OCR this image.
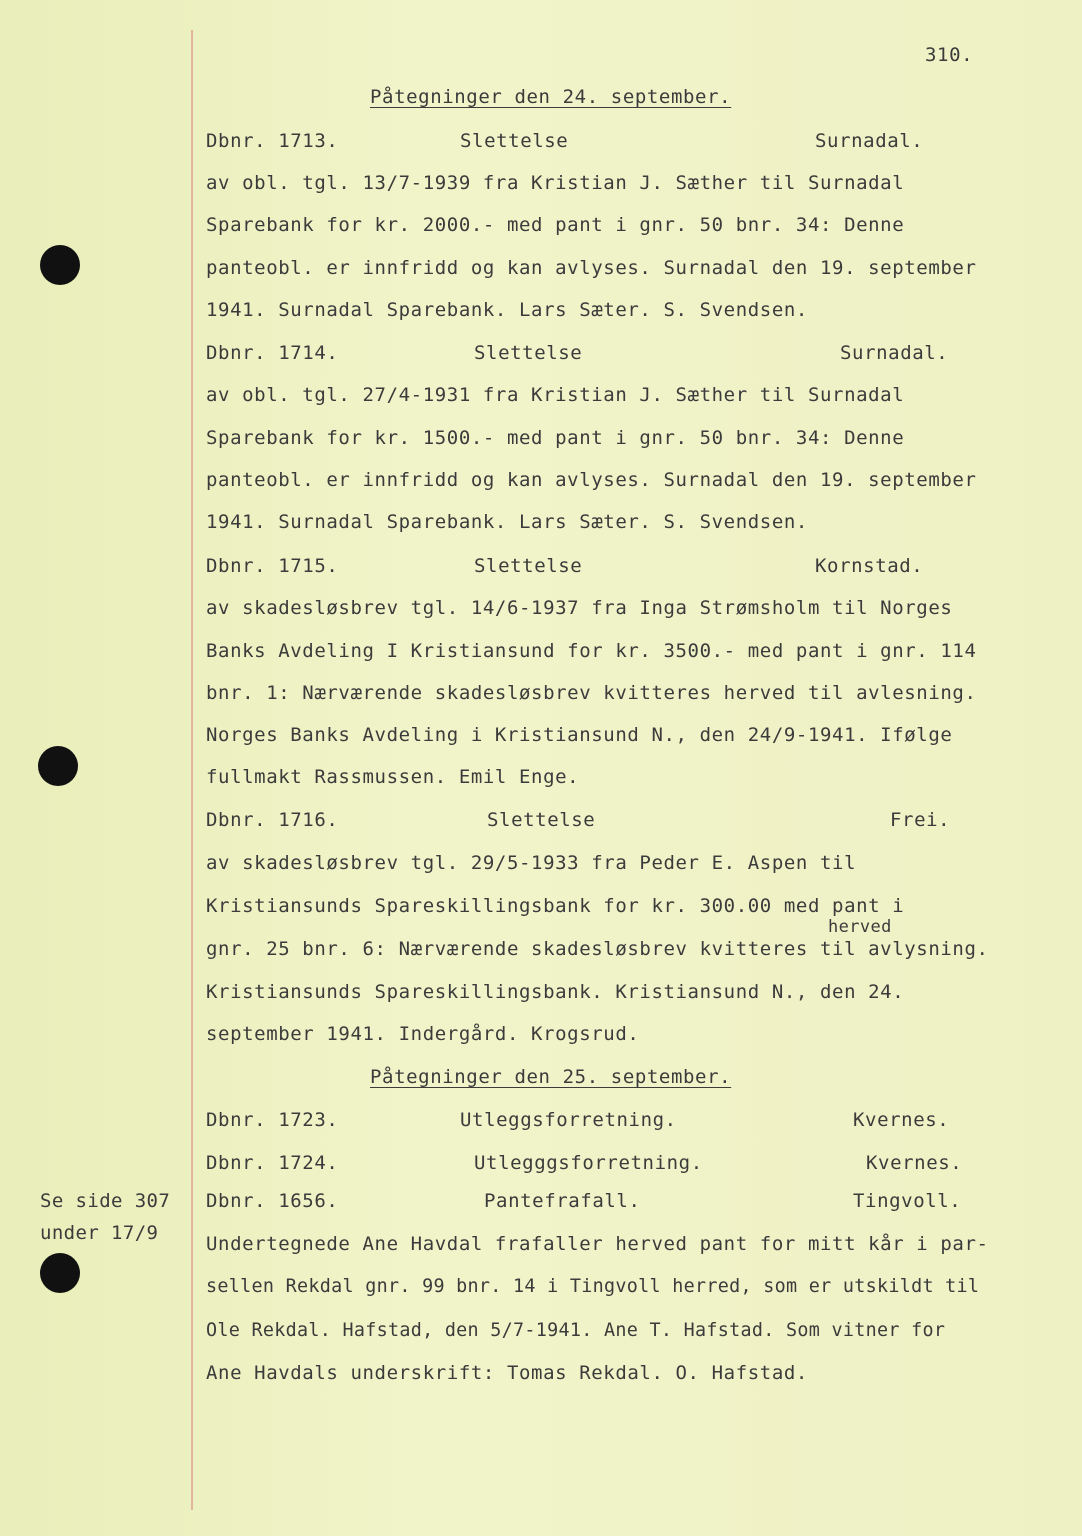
310.
Påtegninger den 24. september.
Dbnr. 1713.	Slettelse	Surnadal.
av obl. tgl. 13/7-1939 fra Kristian J. Sæther til Surnadal
Sparebank for kr. 2000.- med pant i gnr. 50 bnr. 34: Denne
panteobl. er innfridd og kan avlyses. Surnadal den 19. september
1941. Surnadal Sparebank. Lars Sæter. S. Svendsen.
Dbnr. 1714.	Slettelse	Surnadal.
av obl. tgl. 27/4-1931 fra Kristian J. Sæther til Surnadal
Sparebank for kr. 1500.- med pant i gnr. 50 bnr. 34: Denne
panteobl. er innfridd og kan avlyses. Surnadal den 19. september
1941. Surnadal Sparebank. Lars Sæter. S. Svendsen.
Dbnr. 1715.	Slettelse	Kornstad.
av skadesløsbrev tgl. 14/6-1937 fra Inga Strømsholm til Norges
Banks Avdeling I Kristiansund for kr. 3500.- med pant i gnr. 114
bnr. 1: Nærværende skadesløsbrev kvitteres herved til avlesning.
Norges Banks Avdeling i Kristiansund N., den 24/9-1941. Ifølge
fullmakt Rassmussen. Emil Enge.
Dbnr. 1716.	Slettelse	Frei.
av skadesløsbrev tgl. 29/5-1933 fra Peder E. Aspen til
Kristiansunds Spareskillingsbank for kr. 300.00 med pant i
herved
gnr. 25 bnr. 6: Nærværende skadesløsbrev kvitteres til avlysning.
Kristiansunds Spareskillingsbank. Kristiansund N., den 24.
september 1941. Indergård. Krogsrud.
Påtegninger den 25. september.
Dbnr. 1723.	Utleggsforretning.	Kvernes.
Dbnr. 1724.	Utlegggsforretning.	Kvernes.
Dbnr. 1656.	Pantefrafall.	Tingvoll.
Undertegnede Ane Havdal frafaller herved pant for mitt kår i par-
sellen Rekdal gnr. 99 bnr. 14 i Tingvoll herred, som er utskildt til
Ole Rekdal. Hafstad, den 5/7-1941. Ane T. Hafstad. Som vitner for
Ane Havdals underskrift: Tomas Rekdal. O. Hafstad.
Se side 307
under 17/9
